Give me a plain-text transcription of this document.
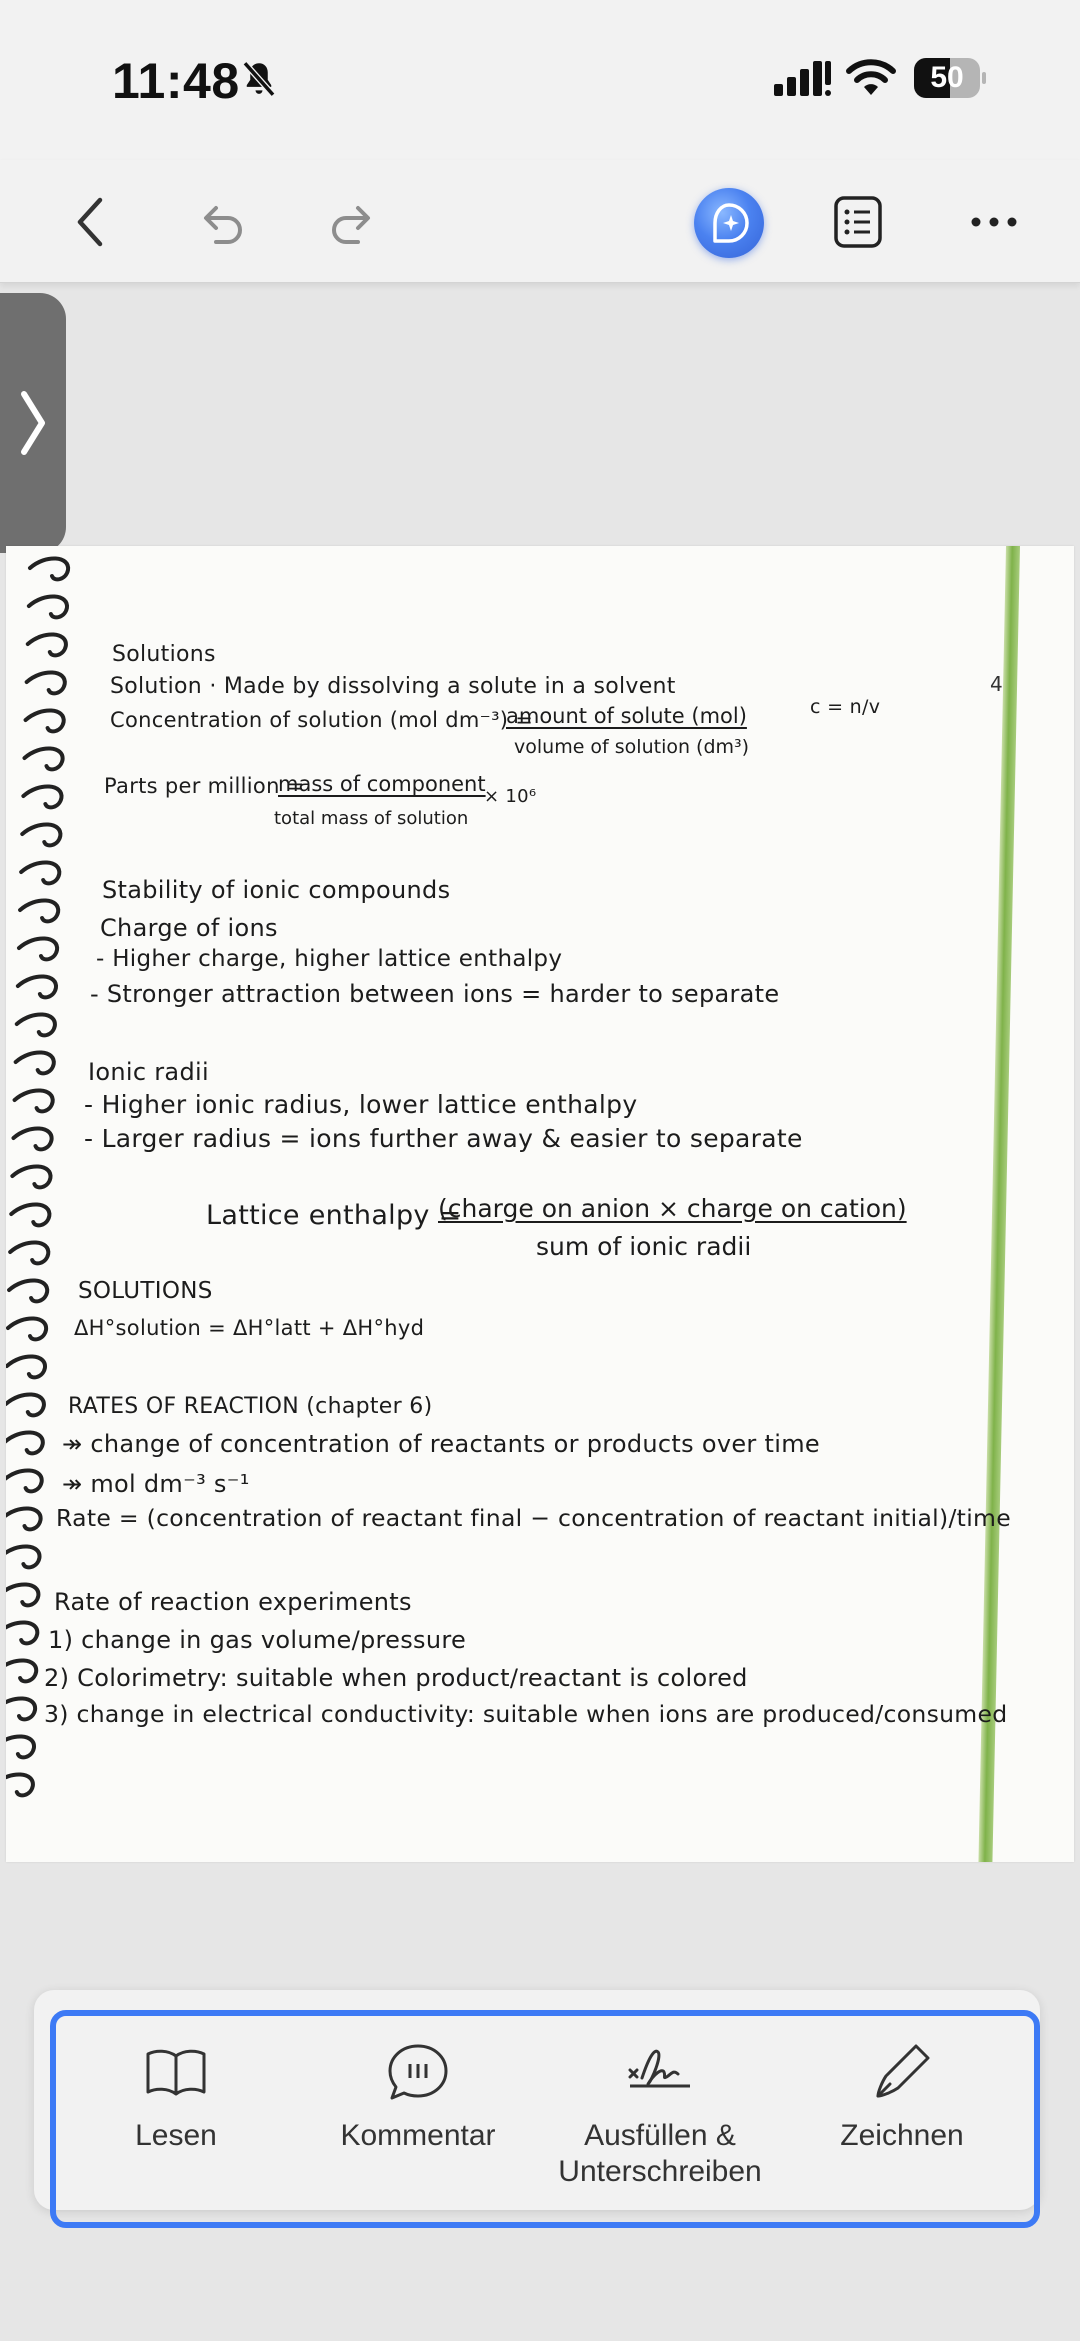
11:48	50
4
Solutions
Solution · Made by dissolving a solute in a solvent
Concentration of solution (mol dm⁻³) =
amount of solute (mol)
volume of solution (dm³)
c = n/v
Parts per million =
mass of component
× 10⁶
total mass of solution
Stability of ionic compounds
Charge of ions
- Higher charge, higher lattice enthalpy
- Stronger attraction between ions = harder to separate
Ionic radii
- Higher ionic radius, lower lattice enthalpy
- Larger radius = ions further away & easier to separate
Lattice enthalpy =
(charge on anion × charge on cation)
sum of ionic radii
SOLUTIONS
ΔH°solution = ΔH°latt + ΔH°hyd
RATES OF REACTION (chapter 6)
↠ change of concentration of reactants or products over time
↠ mol dm⁻³ s⁻¹
Rate = (concentration of reactant final − concentration of reactant initial)/time
Rate of reaction experiments
1) change in gas volume/pressure
2) Colorimetry: suitable when product/reactant is colored
3) change in electrical conductivity: suitable when ions are produced/consumed
Lesen	Kommentar	Ausfüllen & Unterschreiben
Zeichnen
